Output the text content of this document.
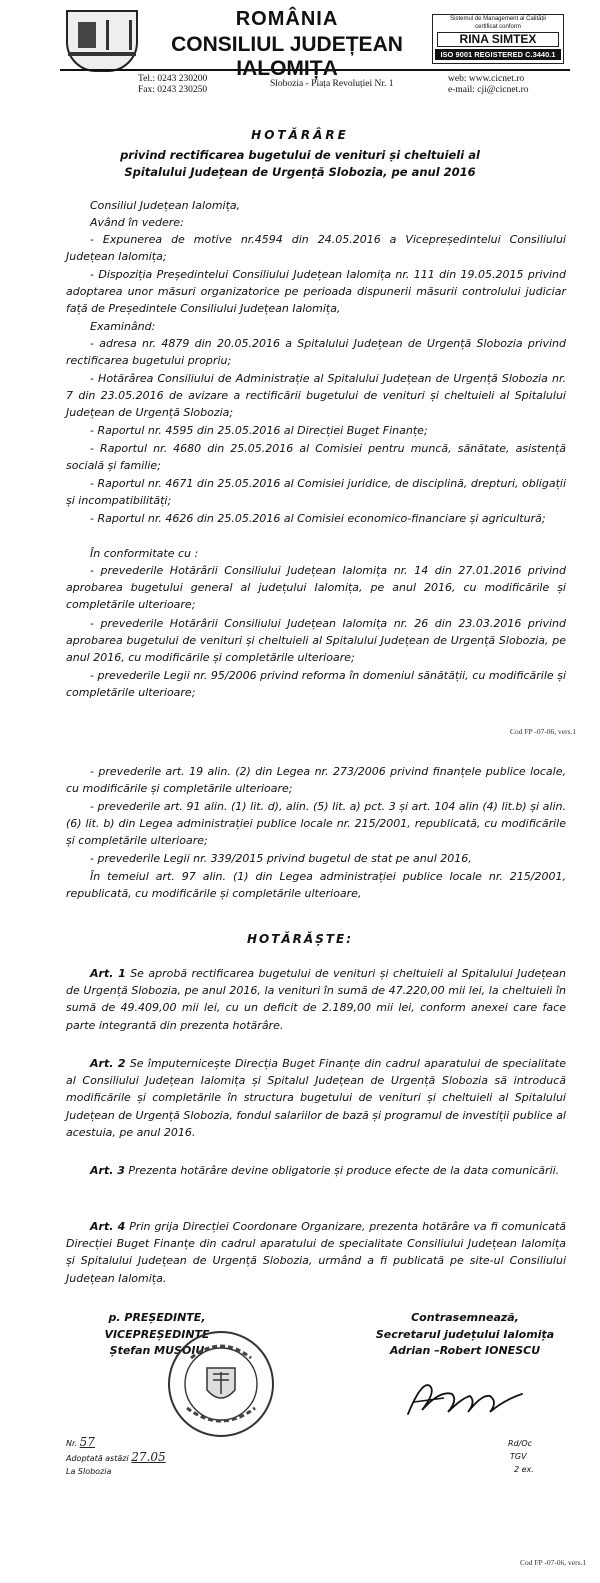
ROMÂNIA
CONSILIUL JUDEȚEAN IALOMIȚA
Sistemul de Management al Calității
certificat conform
RINA SIMTEX
ISO 9001 REGISTERED C.3440.1
Tel.: 0243 230200
Fax: 0243 230250
Slobozia - Piața Revoluției Nr. 1	web: www.cicnet.ro
e-mail: cji@cicnet.ro
HOTĂRÂRE
privind rectificarea bugetului de venituri și cheltuieli al
Spitalului Județean de Urgență Slobozia, pe anul 2016

Consiliul Județean Ialomița,

Având în vedere:

- Expunerea de motive nr.4594 din 24.05.2016 a Vicepreședintelui Consiliului Județean Ialomița;

- Dispoziția Președintelui Consiliului Județean Ialomița nr. 111 din 19.05.2015 privind adoptarea unor măsuri organizatorice pe perioada dispunerii măsurii controlului judiciar față de Președintele Consiliului Județean Ialomița,

Examinând:

- adresa nr. 4879 din 20.05.2016 a Spitalului Județean de Urgență Slobozia privind rectificarea bugetului propriu;

- Hotărârea Consiliului de Administrație al Spitalului Județean de Urgență Slobozia nr. 7 din 23.05.2016 de avizare a rectificării bugetului de venituri și cheltuieli al Spitalului Județean de Urgență Slobozia;

- Raportul nr. 4595 din 25.05.2016 al Direcției Buget Finanțe;

- Raportul nr. 4680 din 25.05.2016 al Comisiei pentru muncă, sănătate, asistență socială și familie;

- Raportul nr. 4671 din 25.05.2016 al Comisiei juridice, de disciplină, drepturi, obligații și incompatibilități;

- Raportul nr. 4626 din 25.05.2016 al Comisiei economico-financiare și agricultură;

În conformitate cu :

- prevederile Hotărârii Consiliului Județean Ialomița nr. 14 din 27.01.2016 privind aprobarea bugetului general al județului Ialomița, pe anul 2016, cu modificările și completările ulterioare;

- prevederile Hotărârii Consiliului Județean Ialomița nr. 26 din 23.03.2016 privind aprobarea bugetului de venituri și cheltuieli al Spitalului Județean de Urgență Slobozia, pe anul 2016, cu modificările și completările ulterioare;

- prevederile Legii nr. 95/2006 privind reforma în domeniul sănătății, cu modificările și completările ulterioare;

Cod FP -07-06, vers.1

- prevederile art. 19 alin. (2) din Legea nr. 273/2006 privind finanțele publice locale, cu modificările și completările ulterioare;

- prevederile art. 91 alin. (1) lit. d), alin. (5) lit. a) pct. 3 și art. 104 alin (4) lit.b) și alin.(6) lit. b) din Legea administrației publice locale nr. 215/2001, republicată, cu modificările și completările ulterioare;

- prevederile Legii nr. 339/2015 privind bugetul de stat pe anul 2016,

În temeiul art. 97 alin. (1) din Legea administrației publice locale nr. 215/2001, republicată, cu modificările și completările ulterioare,

HOTĂRĂȘTE:

Art. 1 Se aprobă rectificarea bugetului de venituri și cheltuieli al Spitalului Județean de Urgență Slobozia, pe anul 2016, la venituri în sumă de 47.220,00 mii lei, la cheltuieli în sumă de 49.409,00 mii lei, cu un deficit de 2.189,00 mii lei, conform anexei care face parte integrantă din prezenta hotărâre.

Art. 2 Se împuternicește Direcția Buget Finanțe din cadrul aparatului de specialitate al Consiliului Județean Ialomița și Spitalul Județean de Urgență Slobozia să introducă modificările și completările în structura bugetului de venituri și cheltuieli al Spitalului Județean de Urgență Slobozia, fondul salariilor de bază și programul de investiții publice al acestuia, pe anul 2016.

Art. 3 Prezenta hotărâre devine obligatorie și produce efecte de la data comunicării.

Art. 4 Prin grija Direcției Coordonare Organizare, prezenta hotărâre va fi comunicată Direcției Buget Finanțe din cadrul aparatului de specialitate Consiliului Județean Ialomița și Spitalului Județean de Urgență Slobozia, urmând a fi publicată pe site-ul Consiliului Județean Ialomița.

p. PREȘEDINTE,
VICEPREȘEDINTE
Ștefan MUȘOIU
Contrasemnează,
Secretarul județului Ialomița
Adrian –Robert IONESCU
Nr. 57
Adoptată astăzi 27.05
La Slobozia
Rd/Oc
TGV
2 ex.
Cod FP -07-06, vers.1
